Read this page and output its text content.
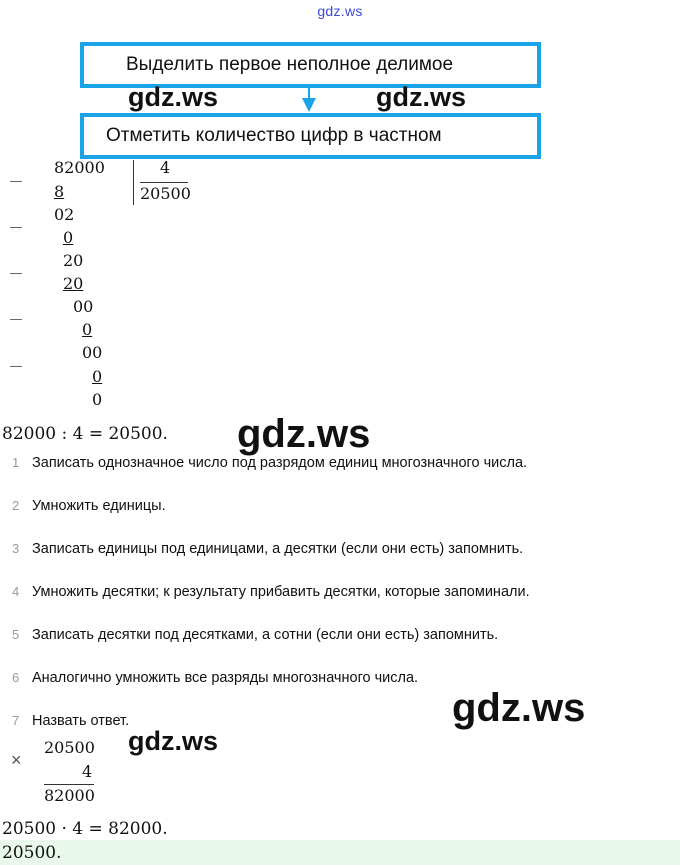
gdz.ws
Выделить первое неполное делимое
Отметить количество цифр в частном
gdz.ws	gdz.ws
82000	4
20500
8
02
0
20
20
00
0
00
0
0
82000 : 4 = 20500. gdz.ws
1 Записать однозначное число под разрядом единиц многозначного числа.
2 Умножить единицы.
3 Записать единицы под единицами, а десятки (если они есть) запомнить.
4 Умножить десятки; к результату прибавить десятки, которые запоминали.
5 Записать десятки под десятками, а сотни (если они есть) запомнить.
6 Аналогично умножить все разряды многозначного числа.
7 Назвать ответ.	gdz.ws
gdz.ws
×
20500
4
82000
20500 · 4 = 82000.
20500.
